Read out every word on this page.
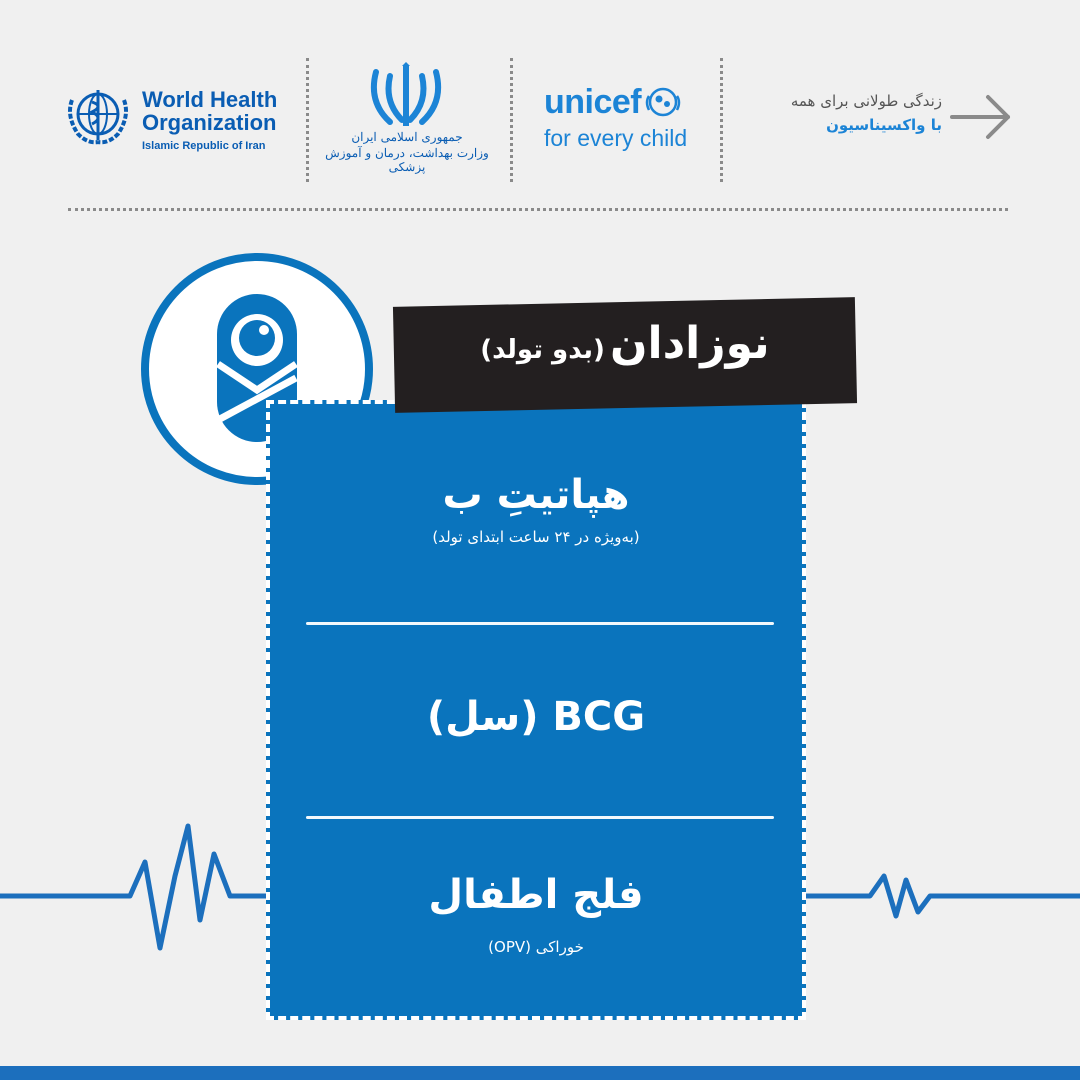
World Health
Organization
Islamic Republic of Iran
جمهوری اسلامی ایران
وزارت بهداشت، درمان و آموزش پزشکی
unicef
for every child
زندگی طولانی برای همه
با واکسیناسیون
هپاتیتِ ب
(به‌ویژه در ۲۴ ساعت ابتدای تولد)
BCG (سل)
فلج اطفال
خوراکی (OPV)
نوزادان (بدو تولد)
